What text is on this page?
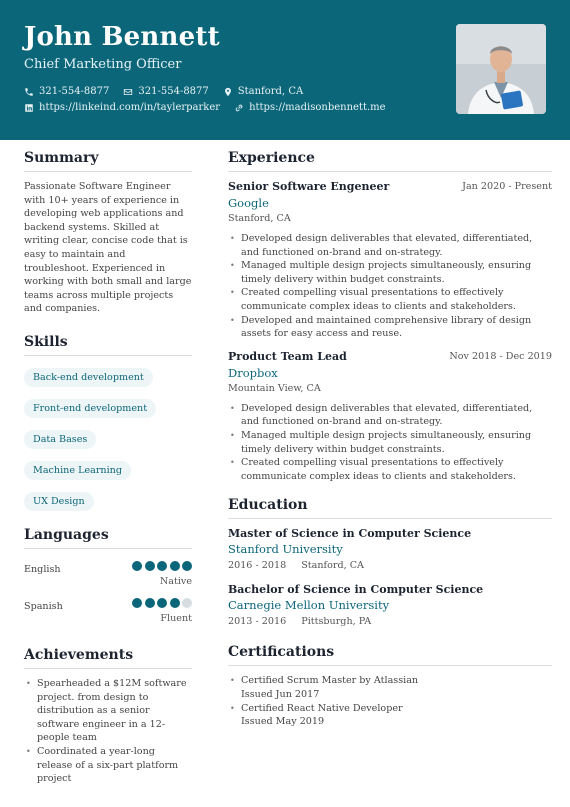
John Bennett
Chief Marketing Officer
321-554-8877	321-554-8877	Stanford, CA
https://linkeind.com/in/taylerparker	https://madisonbennett.me
Summary
Passionate Software Engineer with 10+ years of experience in developing web applications and backend systems. Skilled at writing clear, concise code that is easy to maintain and troubleshoot. Experienced in working with both small and large teams across multiple projects and companies.
Skills
Back-end development
Front-end development
Data Bases
Machine Learning
UX Design
Languages
English
Native
Spanish
Fluent
Achievements
• Spearheaded a $12M software project. from design to distribution as a senior software engineer in a 12-people team
• Coordinated a year-long release of a six-part platform project
Experience
Senior Software Engeneer	Jan 2020 - Present
Google
Stanford, CA
• Developed design deliverables that elevated, differentiated, and functioned on-brand and on-strategy.
• Managed multiple design projects simultaneously, ensuring timely delivery within budget constraints.
• Created compelling visual presentations to effectively communicate complex ideas to clients and stakeholders.
• Developed and maintained comprehensive library of design assets for easy access and reuse.
Product Team Lead	Nov 2018 - Dec 2019
Dropbox
Mountain View, CA
• Developed design deliverables that elevated, differentiated, and functioned on-brand and on-strategy.
• Managed multiple design projects simultaneously, ensuring timely delivery within budget constraints.
• Created compelling visual presentations to effectively communicate complex ideas to clients and stakeholders.
Education
Master of Science in Computer Science
Stanford University
2016 - 2018 Stanford, CA
Bachelor of Science in Computer Science
Carnegie Mellon University
2013 - 2016 Pittsburgh, PA
Certifications
• Certified Scrum Master by Atlassian
Issued Jun 2017
• Certified React Native Developer
Issued May 2019
